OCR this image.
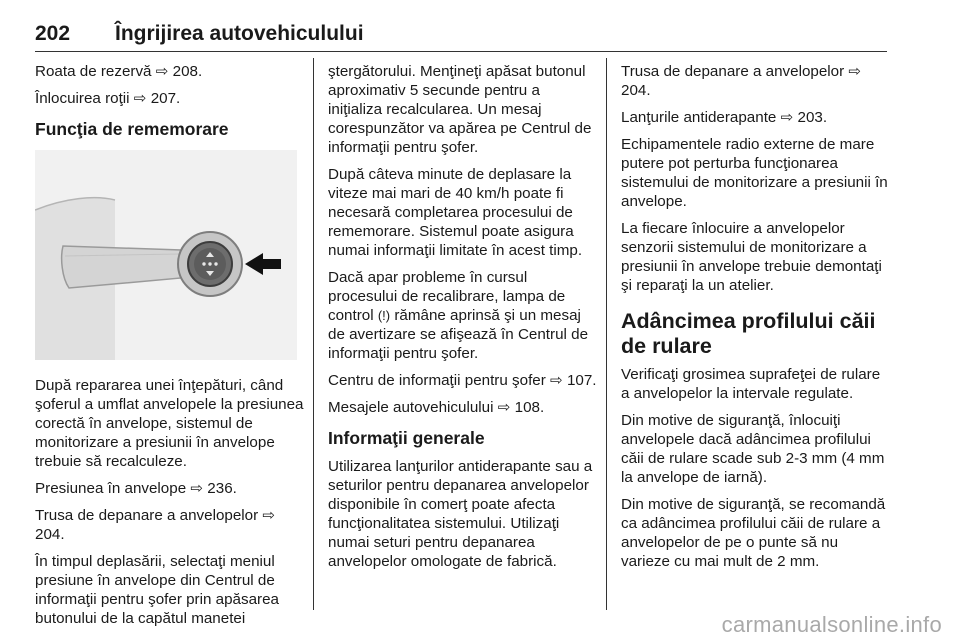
202 Îngrijirea autovehiculului

Roata de rezervă ⇨ 208.

Înlocuirea roţii ⇨ 207.

Funcţia de rememorare

După repararea unei înţepături, când şoferul a umflat anvelopele la presiunea corectă în anvelope, sistemul de monitorizare a presiunii în anvelope trebuie să recalculeze.

Presiunea în anvelope ⇨ 236.

Trusa de depanare a anvelopelor ⇨ 204.

În timpul deplasării, selectaţi meniul presiune în anvelope din Centrul de informaţii pentru şofer prin apăsarea butonului de la capătul manetei

ştergătorului. Menţineţi apăsat butonul aproximativ 5 secunde pentru a iniţializa recalcularea. Un mesaj corespunzător va apărea pe Centrul de informaţii pentru şofer.

După câteva minute de deplasare la viteze mai mari de 40 km/h poate fi necesară completarea procesului de rememorare. Sistemul poate asigura numai informaţii limitate în acest timp.

Dacă apar probleme în cursul procesului de recalibrare, lampa de control (!) rămâne aprinsă şi un mesaj de avertizare se afişează în Centrul de informaţii pentru şofer.

Centru de informaţii pentru şofer ⇨ 107.

Mesajele autovehiculului ⇨ 108.

Informaţii generale

Utilizarea lanţurilor antiderapante sau a seturilor pentru depanarea anvelopelor disponibile în comerţ poate afecta funcţionalitatea sistemului. Utilizaţi numai seturi pentru depanarea anvelopelor omologate de fabrică.

Trusa de depanare a anvelopelor ⇨ 204.

Lanţurile antiderapante ⇨ 203.

Echipamentele radio externe de mare putere pot perturba funcţionarea sistemului de monitorizare a presiunii în anvelope.

La fiecare înlocuire a anvelopelor senzorii sistemului de monitorizare a presiunii în anvelope trebuie demontaţi şi reparaţi la un atelier.

Adâncimea profilului căii de rulare

Verificaţi grosimea suprafeţei de rulare a anvelopelor la intervale regulate.

Din motive de siguranţă, înlocuiţi anvelopele dacă adâncimea profilului căii de rulare scade sub 2-3 mm (4 mm la anvelope de iarnă).

Din motive de siguranţă, se recomandă ca adâncimea profilului căii de rulare a anvelopelor de pe o punte să nu varieze cu mai mult de 2 mm.

carmanualsonline.info
